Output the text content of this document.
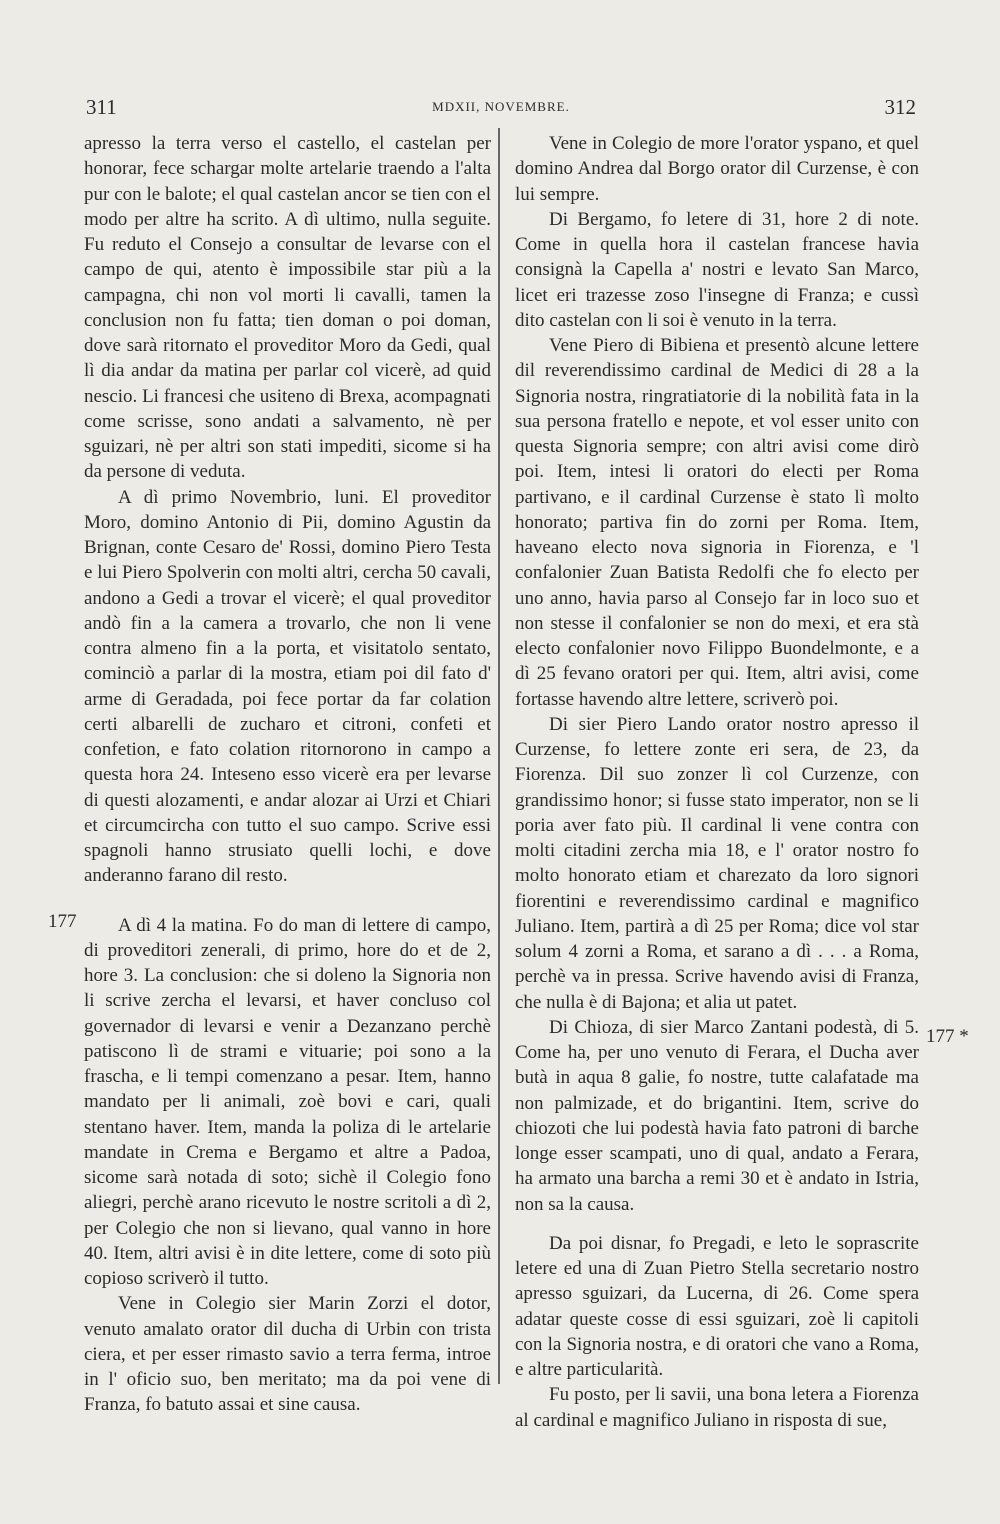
311	MDXII, NOVEMBRE.	312
177
177 *

apresso la terra verso el castello, el castelan per honorar, fece schargar molte artelarie traendo a l'alta pur con le balote; el qual castelan ancor se tien con el modo per altre ha scrito. A dì ultimo, nulla seguite. Fu reduto el Consejo a consultar de levarse con el campo de qui, atento è impossibile star più a la campagna, chi non vol morti li cavalli, tamen la conclusion non fu fatta; tien doman o poi doman, dove sarà ritornato el proveditor Moro da Gedi, qual lì dia andar da matina per parlar col vicerè, ad quid nescio. Li francesi che usiteno di Brexa, acompagnati come scrisse, sono andati a salvamento, nè per sguizari, nè per altri son stati impediti, sicome si ha da persone di veduta.

A dì primo Novembrio, luni. El proveditor Moro, domino Antonio di Pii, domino Agustin da Brignan, conte Cesaro de' Rossi, domino Piero Testa e lui Piero Spolverin con molti altri, cercha 50 cavali, andono a Gedi a trovar el vicerè; el qual proveditor andò fin a la camera a trovarlo, che non li vene contra almeno fin a la porta, et visitatolo sentato, cominciò a parlar di la mostra, etiam poi dil fato d' arme di Geradada, poi fece portar da far colation certi albarelli de zucharo et citroni, confeti et confetion, e fato colation ritornorono in campo a questa hora 24. Inteseno esso vicerè era per levarse di questi alozamenti, e andar alozar ai Urzi et Chiari et circumcircha con tutto el suo campo. Scrive essi spagnoli hanno strusiato quelli lochi, e dove anderanno farano dil resto.

A dì 4 la matina. Fo do man di lettere di campo, di proveditori zenerali, di primo, hore do et de 2, hore 3. La conclusion: che si doleno la Signoria non li scrive zercha el levarsi, et haver concluso col governador di levarsi e venir a Dezanzano perchè patiscono lì de strami e vituarie; poi sono a la frascha, e li tempi comenzano a pesar. Item, hanno mandato per li animali, zoè bovi e cari, quali stentano haver. Item, manda la poliza di le artelarie mandate in Crema e Bergamo et altre a Padoa, sicome sarà notada di soto; sichè il Colegio fono aliegri, perchè arano ricevuto le nostre scritoli a dì 2, per Colegio che non si lievano, qual vanno in hore 40. Item, altri avisi è in dite lettere, come di soto più copioso scriverò il tutto.

Vene in Colegio sier Marin Zorzi el dotor, venuto amalato orator dil ducha di Urbin con trista ciera, et per esser rimasto savio a terra ferma, introe in l' oficio suo, ben meritato; ma da poi vene di Franza, fo batuto assai et sine causa.

Vene in Colegio de more l'orator yspano, et quel domino Andrea dal Borgo orator dil Curzense, è con lui sempre.

Di Bergamo, fo letere di 31, hore 2 di note. Come in quella hora il castelan francese havia consignà la Capella a' nostri e levato San Marco, licet eri trazesse zoso l'insegne di Franza; e cussì dito castelan con li soi è venuto in la terra.

Vene Piero di Bibiena et presentò alcune lettere dil reverendissimo cardinal de Medici di 28 a la Signoria nostra, ringratiatorie di la nobilità fata in la sua persona fratello e nepote, et vol esser unito con questa Signoria sempre; con altri avisi come dirò poi. Item, intesi li oratori do electi per Roma partivano, e il cardinal Curzense è stato lì molto honorato; partiva fin do zorni per Roma. Item, haveano electo nova signoria in Fiorenza, e 'l confalonier Zuan Batista Redolfi che fo electo per uno anno, havia parso al Consejo far in loco suo et non stesse il confalonier se non do mexi, et era stà electo confalonier novo Filippo Buondelmonte, e a dì 25 fevano oratori per qui. Item, altri avisi, come fortasse havendo altre lettere, scriverò poi.

Di sier Piero Lando orator nostro apresso il Curzense, fo lettere zonte eri sera, de 23, da Fiorenza. Dil suo zonzer lì col Curzenze, con grandissimo honor; si fusse stato imperator, non se li poria aver fato più. Il cardinal li vene contra con molti citadini zercha mia 18, e l' orator nostro fo molto honorato etiam et charezato da loro signori fiorentini e reverendissimo cardinal e magnifico Juliano. Item, partirà a dì 25 per Roma; dice vol star solum 4 zorni a Roma, et sarano a dì . . . a Roma, perchè va in pressa. Scrive havendo avisi di Franza, che nulla è di Bajona; et alia ut patet.

Di Chioza, di sier Marco Zantani podestà, di 5. Come ha, per uno venuto di Ferara, el Ducha aver butà in aqua 8 galie, fo nostre, tutte calafatade ma non palmizade, et do brigantini. Item, scrive do chiozoti che lui podestà havia fato patroni di barche longe esser scampati, uno di qual, andato a Ferara, ha armato una barcha a remi 30 et è andato in Istria, non sa la causa.

Da poi disnar, fo Pregadi, e leto le soprascrite letere ed una di Zuan Pietro Stella secretario nostro apresso sguizari, da Lucerna, di 26. Come spera adatar queste cosse di essi sguizari, zoè li capitoli con la Signoria nostra, e di oratori che vano a Roma, e altre particularità.

Fu posto, per li savii, una bona letera a Fiorenza al cardinal e magnifico Juliano in risposta di sue,
